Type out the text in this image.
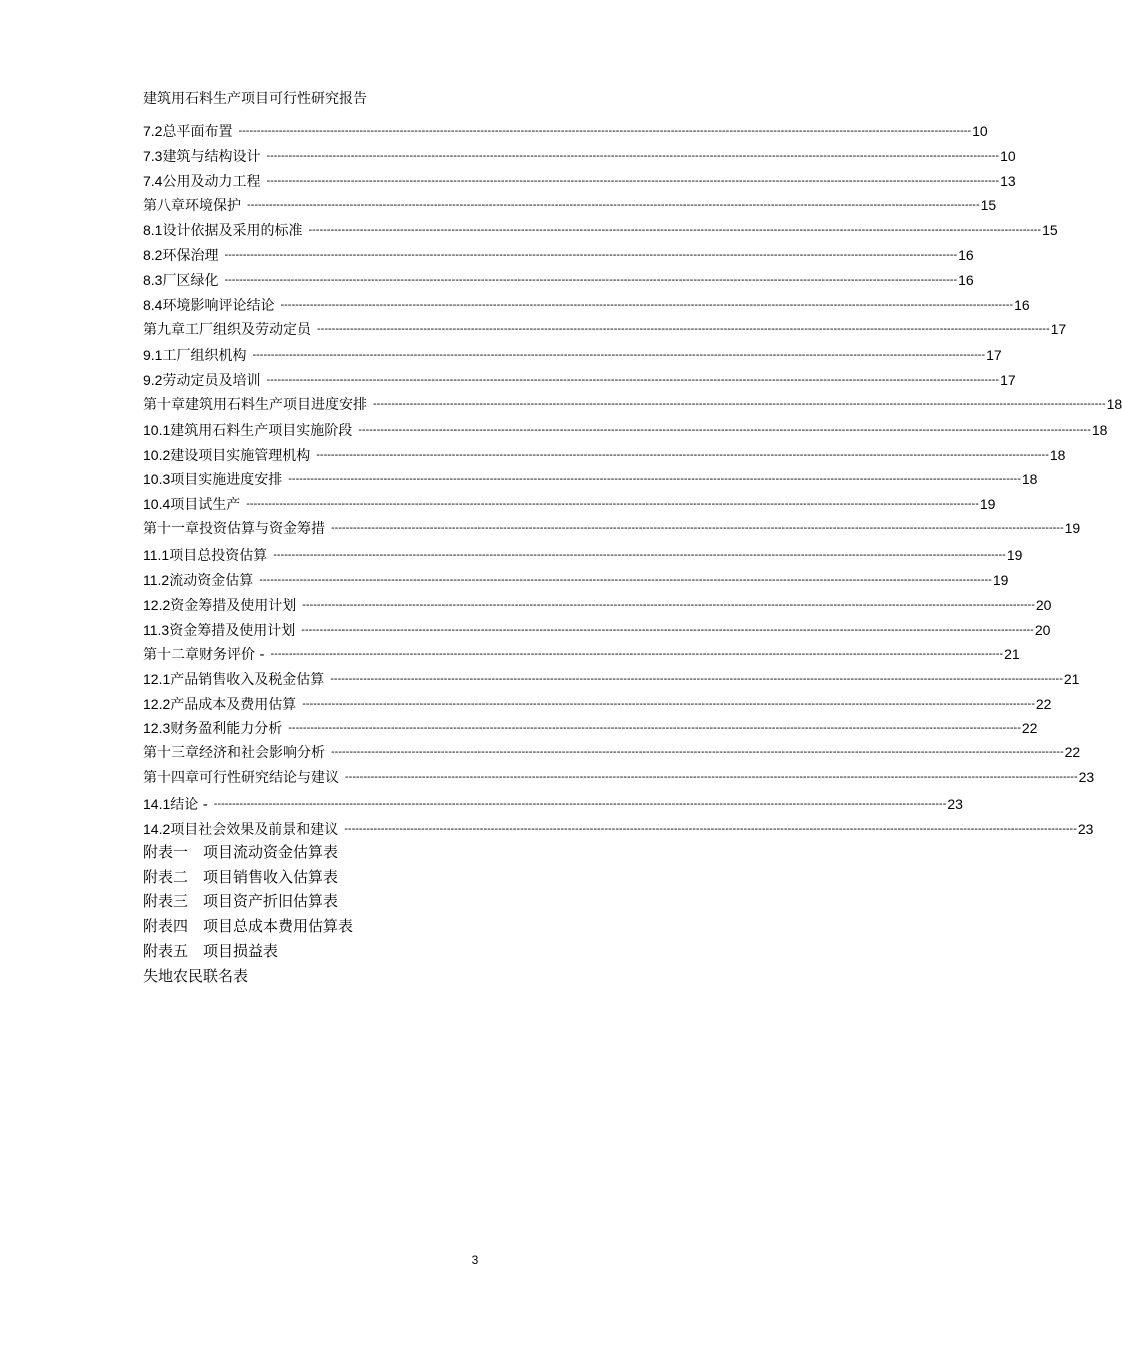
建筑用石料生产项目可行性研究报告
7.2 总平面布置 -------------------------------------------------------------------------------------------------------------------------------------------------------------------------------------------------------- 10
7.3 建筑与结构设计 -------------------------------------------------------------------------------------------------------------------------------------------------------------------------------------------------------- 10
7.4 公用及动力工程 -------------------------------------------------------------------------------------------------------------------------------------------------------------------------------------------------------- 13
第八章 环境保护 -------------------------------------------------------------------------------------------------------------------------------------------------------------------------------------------------------- 15
8.1 设计依据及采用的标准 -------------------------------------------------------------------------------------------------------------------------------------------------------------------------------------------------------- 15
8.2 环保治理 -------------------------------------------------------------------------------------------------------------------------------------------------------------------------------------------------------- 16
8.3 厂区绿化 -------------------------------------------------------------------------------------------------------------------------------------------------------------------------------------------------------- 16
8.4 环境影响评论结论 -------------------------------------------------------------------------------------------------------------------------------------------------------------------------------------------------------- 16
第九章 工厂组织及劳动定员 -------------------------------------------------------------------------------------------------------------------------------------------------------------------------------------------------------- 17
9.1 工厂组织机构 -------------------------------------------------------------------------------------------------------------------------------------------------------------------------------------------------------- 17
9.2 劳动定员及培训 -------------------------------------------------------------------------------------------------------------------------------------------------------------------------------------------------------- 17
第十章 建筑用石料生产项目进度安排 -------------------------------------------------------------------------------------------------------------------------------------------------------------------------------------------------------- 18
10.1 建筑用石料生产项目实施阶段 -------------------------------------------------------------------------------------------------------------------------------------------------------------------------------------------------------- 18
10.2 建设项目实施管理机构 -------------------------------------------------------------------------------------------------------------------------------------------------------------------------------------------------------- 18
10.3 项目实施进度安排 -------------------------------------------------------------------------------------------------------------------------------------------------------------------------------------------------------- 18
10.4 项目试生产 -------------------------------------------------------------------------------------------------------------------------------------------------------------------------------------------------------- 19
第十一章 投资估算与资金筹措 -------------------------------------------------------------------------------------------------------------------------------------------------------------------------------------------------------- 19
11.1 项目总投资估算 -------------------------------------------------------------------------------------------------------------------------------------------------------------------------------------------------------- 19
11.2 流动资金估算 -------------------------------------------------------------------------------------------------------------------------------------------------------------------------------------------------------- 19
12.2 资金筹措及使用计划 -------------------------------------------------------------------------------------------------------------------------------------------------------------------------------------------------------- 20
11.3 资金筹措及使用计划 -------------------------------------------------------------------------------------------------------------------------------------------------------------------------------------------------------- 20
第十二章 财务评价 - -------------------------------------------------------------------------------------------------------------------------------------------------------------------------------------------------------- 21
12.1 产品销售收入及税金估算 -------------------------------------------------------------------------------------------------------------------------------------------------------------------------------------------------------- 21
12.2 产品成本及费用估算 -------------------------------------------------------------------------------------------------------------------------------------------------------------------------------------------------------- 22
12.3 财务盈利能力分析 -------------------------------------------------------------------------------------------------------------------------------------------------------------------------------------------------------- 22
第十三章 经济和社会影响分析 -------------------------------------------------------------------------------------------------------------------------------------------------------------------------------------------------------- 22
第十四章 可行性研究结论与建议 -------------------------------------------------------------------------------------------------------------------------------------------------------------------------------------------------------- 23
14.1 结论 - -------------------------------------------------------------------------------------------------------------------------------------------------------------------------------------------------------- 23
14.2 项目社会效果及前景和建议 -------------------------------------------------------------------------------------------------------------------------------------------------------------------------------------------------------- 23
附表一　项目流动资金估算表
附表二　项目销售收入估算表
附表三　项目资产折旧估算表
附表四　项目总成本费用估算表
附表五　项目损益表
失地农民联名表
3
